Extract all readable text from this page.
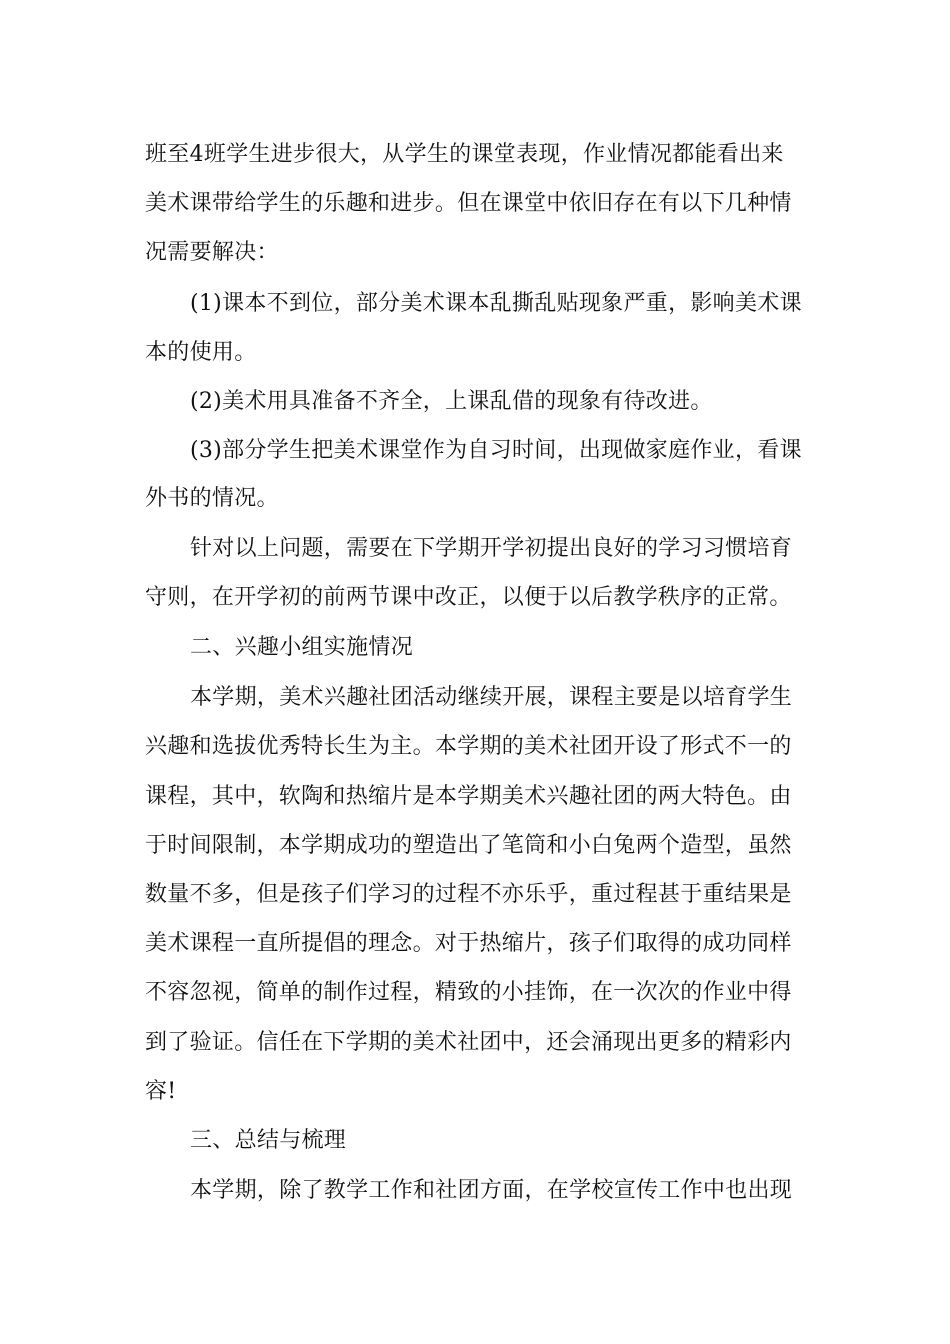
班至4班学生进步很大，从学生的课堂表现，作业情况都能看出来
美术课带给学生的乐趣和进步。但在课堂中依旧存在有以下几种情
况需要解决：
(1)课本不到位，部分美术课本乱撕乱贴现象严重，影响美术课
本的使用。
(2)美术用具准备不齐全，上课乱借的现象有待改进。
(3)部分学生把美术课堂作为自习时间，出现做家庭作业，看课
外书的情况。
针对以上问题，需要在下学期开学初提出良好的学习习惯培育
守则，在开学初的前两节课中改正，以便于以后教学秩序的正常。
二、兴趣小组实施情况
本学期，美术兴趣社团活动继续开展，课程主要是以培育学生
兴趣和选拔优秀特长生为主。本学期的美术社团开设了形式不一的
课程，其中，软陶和热缩片是本学期美术兴趣社团的两大特色。由
于时间限制，本学期成功的塑造出了笔筒和小白兔两个造型，虽然
数量不多，但是孩子们学习的过程不亦乐乎，重过程甚于重结果是
美术课程一直所提倡的理念。对于热缩片，孩子们取得的成功同样
不容忽视，简单的制作过程，精致的小挂饰，在一次次的作业中得
到了验证。信任在下学期的美术社团中，还会涌现出更多的精彩内
容!
三、总结与梳理
本学期，除了教学工作和社团方面，在学校宣传工作中也出现
